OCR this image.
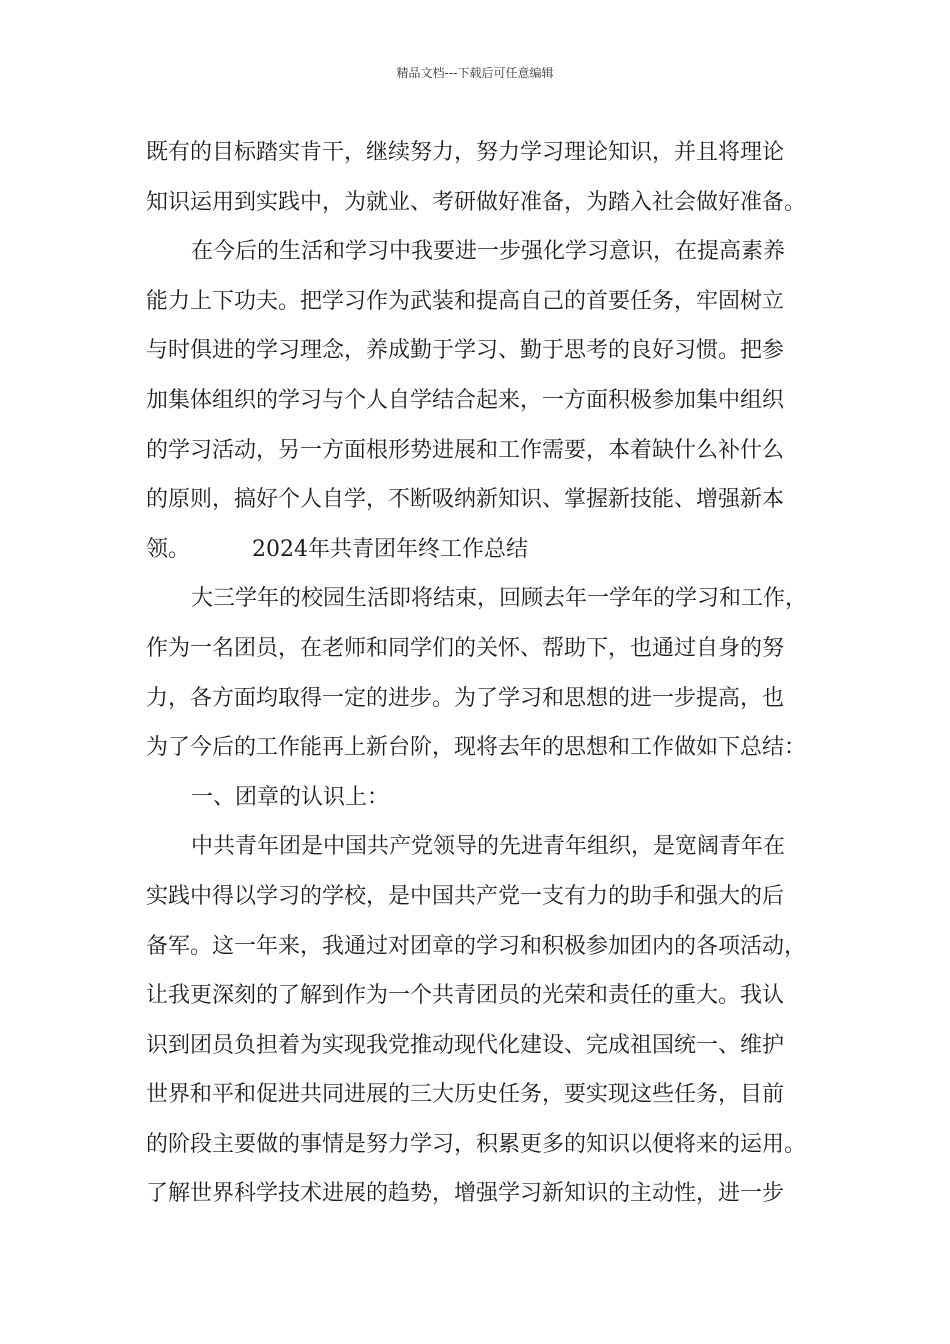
精品文档---下载后可任意编辑
既有的目标踏实肯干，继续努力，努力学习理论知识，并且将理论
知识运用到实践中，为就业、考研做好准备，为踏入社会做好准备。
在今后的生活和学习中我要进一步强化学习意识，在提高素养
能力上下功夫。把学习作为武装和提高自己的首要任务，牢固树立
与时俱进的学习理念，养成勤于学习、勤于思考的良好习惯。把参
加集体组织的学习与个人自学结合起来，一方面积极参加集中组织
的学习活动，另一方面根形势进展和工作需要，本着缺什么补什么
的原则，搞好个人自学，不断吸纳新知识、掌握新技能、增强新本
领。	2024年共青团年终工作总结
大三学年的校园生活即将结束，回顾去年一学年的学习和工作，
作为一名团员，在老师和同学们的关怀、帮助下，也通过自身的努
力，各方面均取得一定的进步。为了学习和思想的进一步提高，也
为了今后的工作能再上新台阶，现将去年的思想和工作做如下总结：
一、团章的认识上：
中共青年团是中国共产党领导的先进青年组织，是宽阔青年在
实践中得以学习的学校，是中国共产党一支有力的助手和强大的后
备军。这一年来，我通过对团章的学习和积极参加团内的各项活动，
让我更深刻的了解到作为一个共青团员的光荣和责任的重大。我认
识到团员负担着为实现我党推动现代化建设、完成祖国统一、维护
世界和平和促进共同进展的三大历史任务，要实现这些任务，目前
的阶段主要做的事情是努力学习，积累更多的知识以便将来的运用。
了解世界科学技术进展的趋势，增强学习新知识的主动性，进一步
